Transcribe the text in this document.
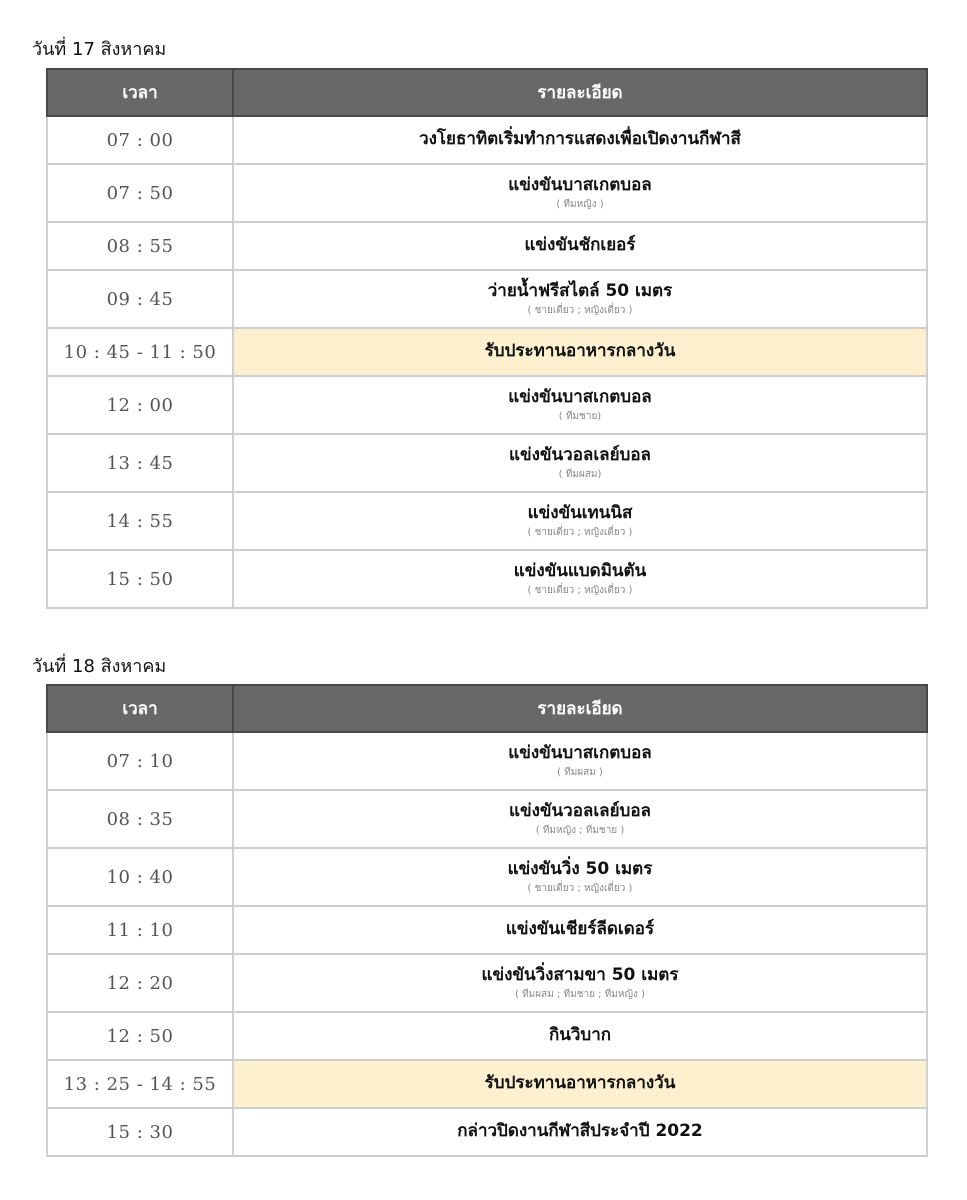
วันที่ 17 สิงหาคม
เวลา	รายละเอียด
07 : 00	วงโยธาทิตเริ่มทำการแสดงเพื่อเปิดงานกีฬาสี

07 : 50	แข่งขันบาสเกตบอล
( ทีมหญิง )

08 : 55	แข่งขันชักเยอร์

09 : 45	ว่ายน้ำฟรีสไตล์ 50 เมตร
( ชายเดี่ยว ; หญิงเดี่ยว )

10 : 45 - 11 : 50	รับประทานอาหารกลางวัน

12 : 00	แข่งขันบาสเกตบอล
( ทีมชาย)

13 : 45	แข่งขันวอลเลย์บอล
( ทีมผสม)

14 : 55	แข่งขันเทนนิส
( ชายเดี่ยว ; หญิงเดี่ยว )

15 : 50	แข่งขันแบดมินตัน
( ชายเดี่ยว ; หญิงเดี่ยว )
วันที่ 18 สิงหาคม
เวลา	รายละเอียด
07 : 10	แข่งขันบาสเกตบอล
( ทีมผสม )

08 : 35	แข่งขันวอลเลย์บอล
( ทีมหญิง ; ทีมชาย )

10 : 40	แข่งขันวิ่ง 50 เมตร
( ชายเดี่ยว ; หญิงเดี่ยว )

11 : 10	แข่งขันเชียร์ลีดเดอร์

12 : 20	แข่งขันวิ่งสามขา 50 เมตร
( ทีมผสม ; ทีมชาย ; ทีมหญิง )

12 : 50	กินวิบาก

13 : 25 - 14 : 55	รับประทานอาหารกลางวัน

15 : 30	กล่าวปิดงานกีฬาสีประจำปี 2022
